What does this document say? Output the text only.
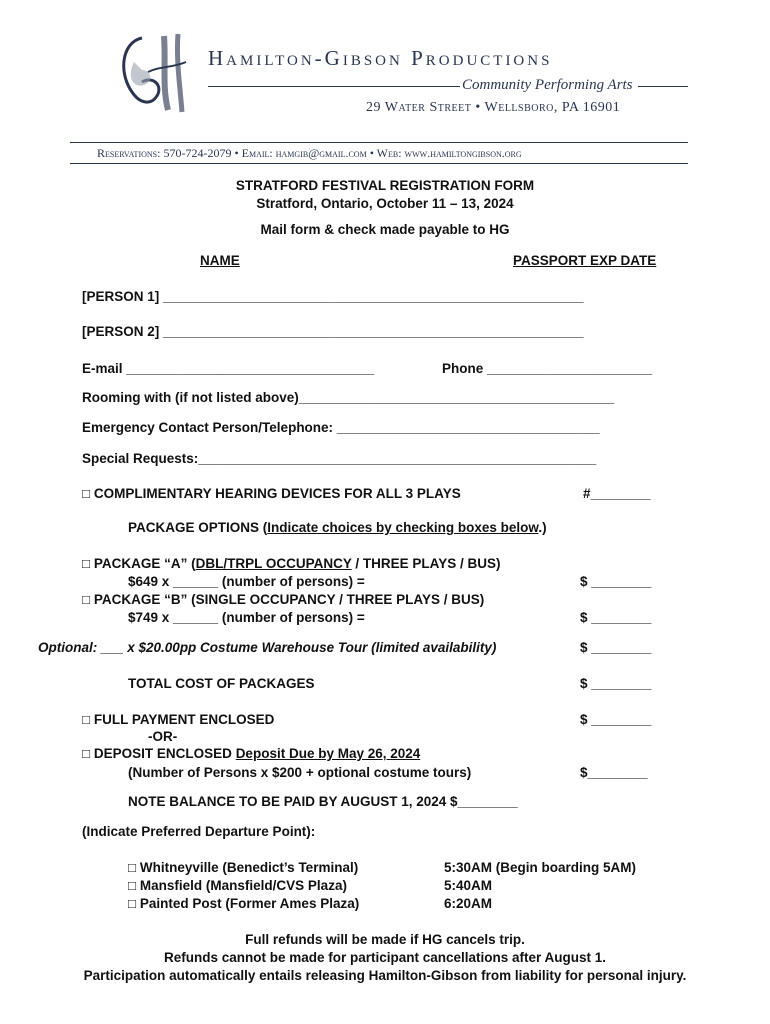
Hamilton-Gibson Productions
Community Performing Arts
29 Water Street • Wellsboro, PA 16901
Reservations: 570-724-2079 • Email: hamgib@gmail.com • Web: www.hamiltongibson.org
STRATFORD FESTIVAL REGISTRATION FORM
Stratford, Ontario, October 11 – 13, 2024
Mail form & check made payable to HG
NAME	PASSPORT EXP DATE
[PERSON 1] ________________________________________________________
[PERSON 2] ________________________________________________________
E-mail _________________________________	Phone ______________________
Rooming with (if not listed above)__________________________________________
Emergency Contact Person/Telephone: ___________________________________
Special Requests:_____________________________________________________
□ COMPLIMENTARY HEARING DEVICES FOR ALL 3 PLAYS	#________
PACKAGE OPTIONS (Indicate choices by checking boxes below.)
□ PACKAGE “A” (DBL/TRPL OCCUPANCY / THREE PLAYS / BUS)
$649 x ______ (number of persons) =	$ ________
□ PACKAGE “B” (SINGLE OCCUPANCY / THREE PLAYS / BUS)
$749 x ______ (number of persons) =	$ ________
Optional: ___ x $20.00pp Costume Warehouse Tour (limited availability)	$ ________
TOTAL COST OF PACKAGES	$ ________
□ FULL PAYMENT ENCLOSED	$ ________
-OR-
□ DEPOSIT ENCLOSED Deposit Due by May 26, 2024
(Number of Persons x $200 + optional costume tours)	$________
NOTE BALANCE TO BE PAID BY AUGUST 1, 2024 $________
(Indicate Preferred Departure Point):
□ Whitneyville (Benedict’s Terminal)	5:30AM (Begin boarding 5AM)
□ Mansfield (Mansfield/CVS Plaza)	5:40AM
□ Painted Post (Former Ames Plaza)	6:20AM
Full refunds will be made if HG cancels trip.
Refunds cannot be made for participant cancellations after August 1.
Participation automatically entails releasing Hamilton-Gibson from liability for personal injury.
